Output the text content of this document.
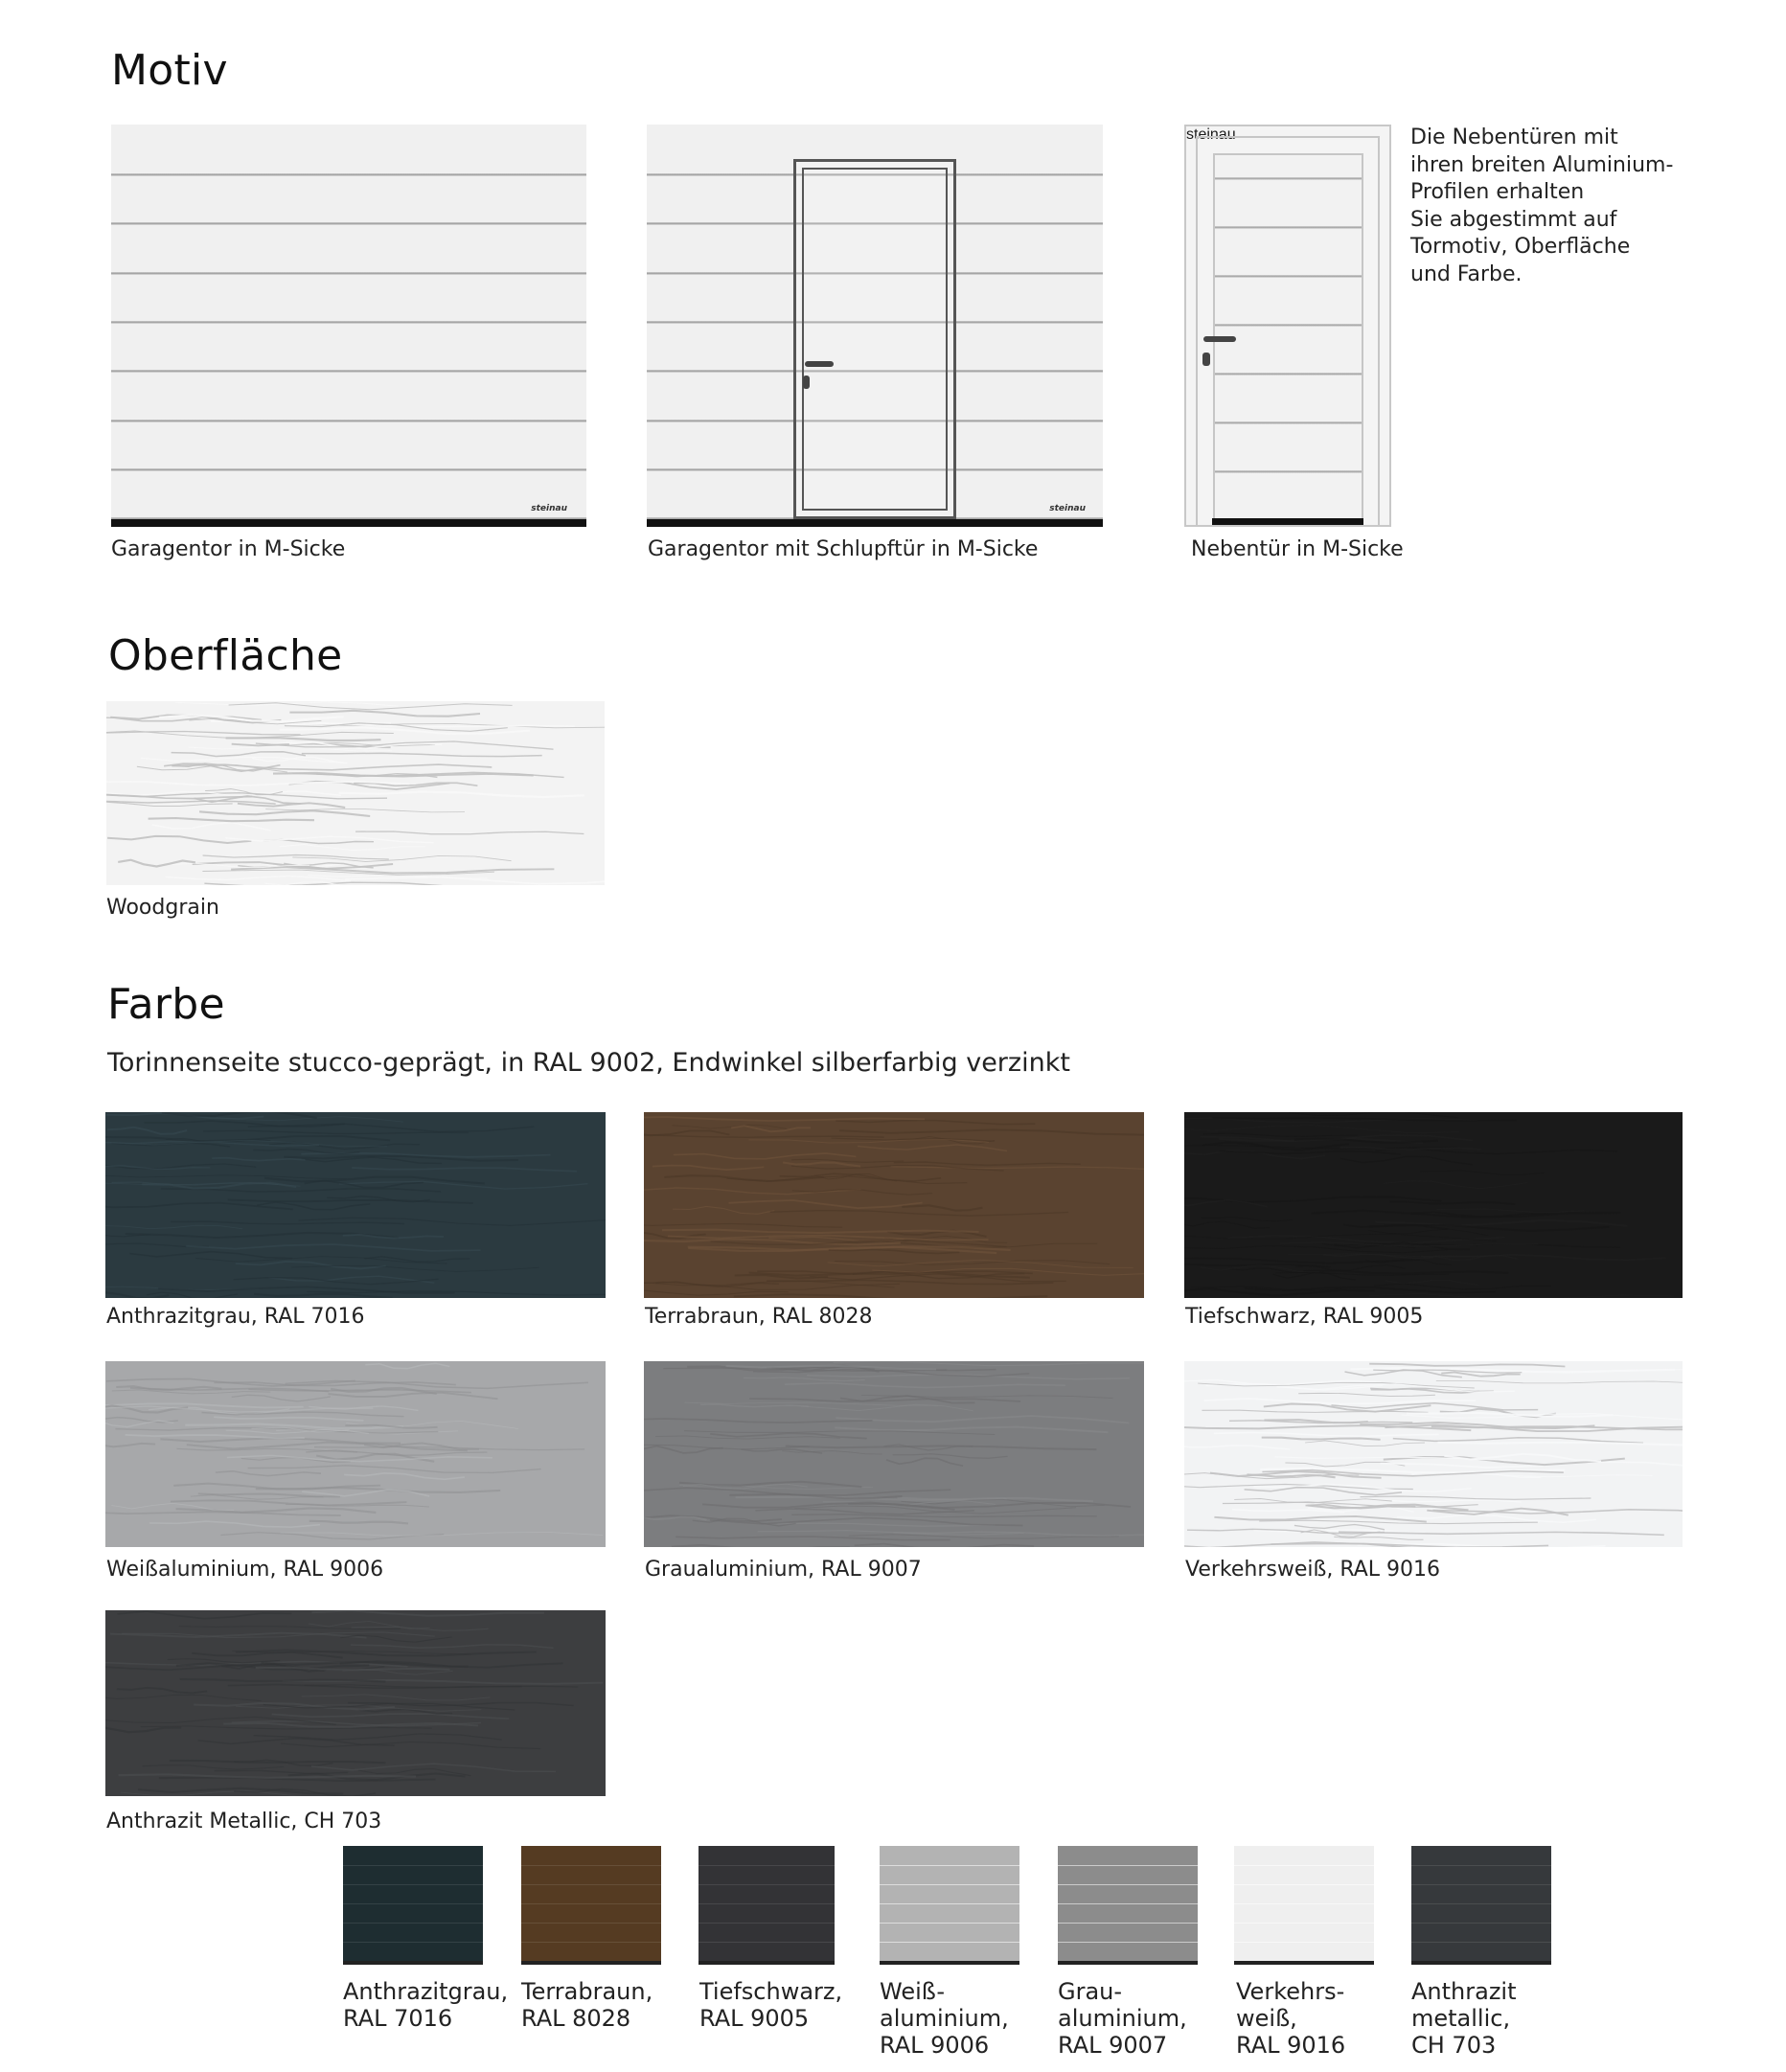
Motiv
steinau
Garagentor in M-Sicke
steinau
Garagentor mit Schlupftür in M-Sicke
steinau
Nebentür in M-Sicke
Die Nebentüren mit
ihren breiten Aluminium-
Profilen erhalten
Sie abgestimmt auf
Tormotiv, Oberfläche
und Farbe.
Oberfläche
Woodgrain
Farbe
Torinnenseite stucco-geprägt, in RAL 9002, Endwinkel silberfarbig verzinkt
Anthrazitgrau, RAL 7016	Terrabraun, RAL 8028	Tiefschwarz, RAL 9005
Weißaluminium, RAL 9006	Graualuminium, RAL 9007	Verkehrsweiß, RAL 9016
Anthrazit Metallic, CH 703
Anthrazitgrau,
RAL 7016
Terrabraun,
RAL 8028
Tiefschwarz,
RAL 9005
Weiß-
aluminium,
RAL 9006
Grau-
aluminium,
RAL 9007
Verkehrs-
weiß,
RAL 9016
Anthrazit
metallic,
CH 703
